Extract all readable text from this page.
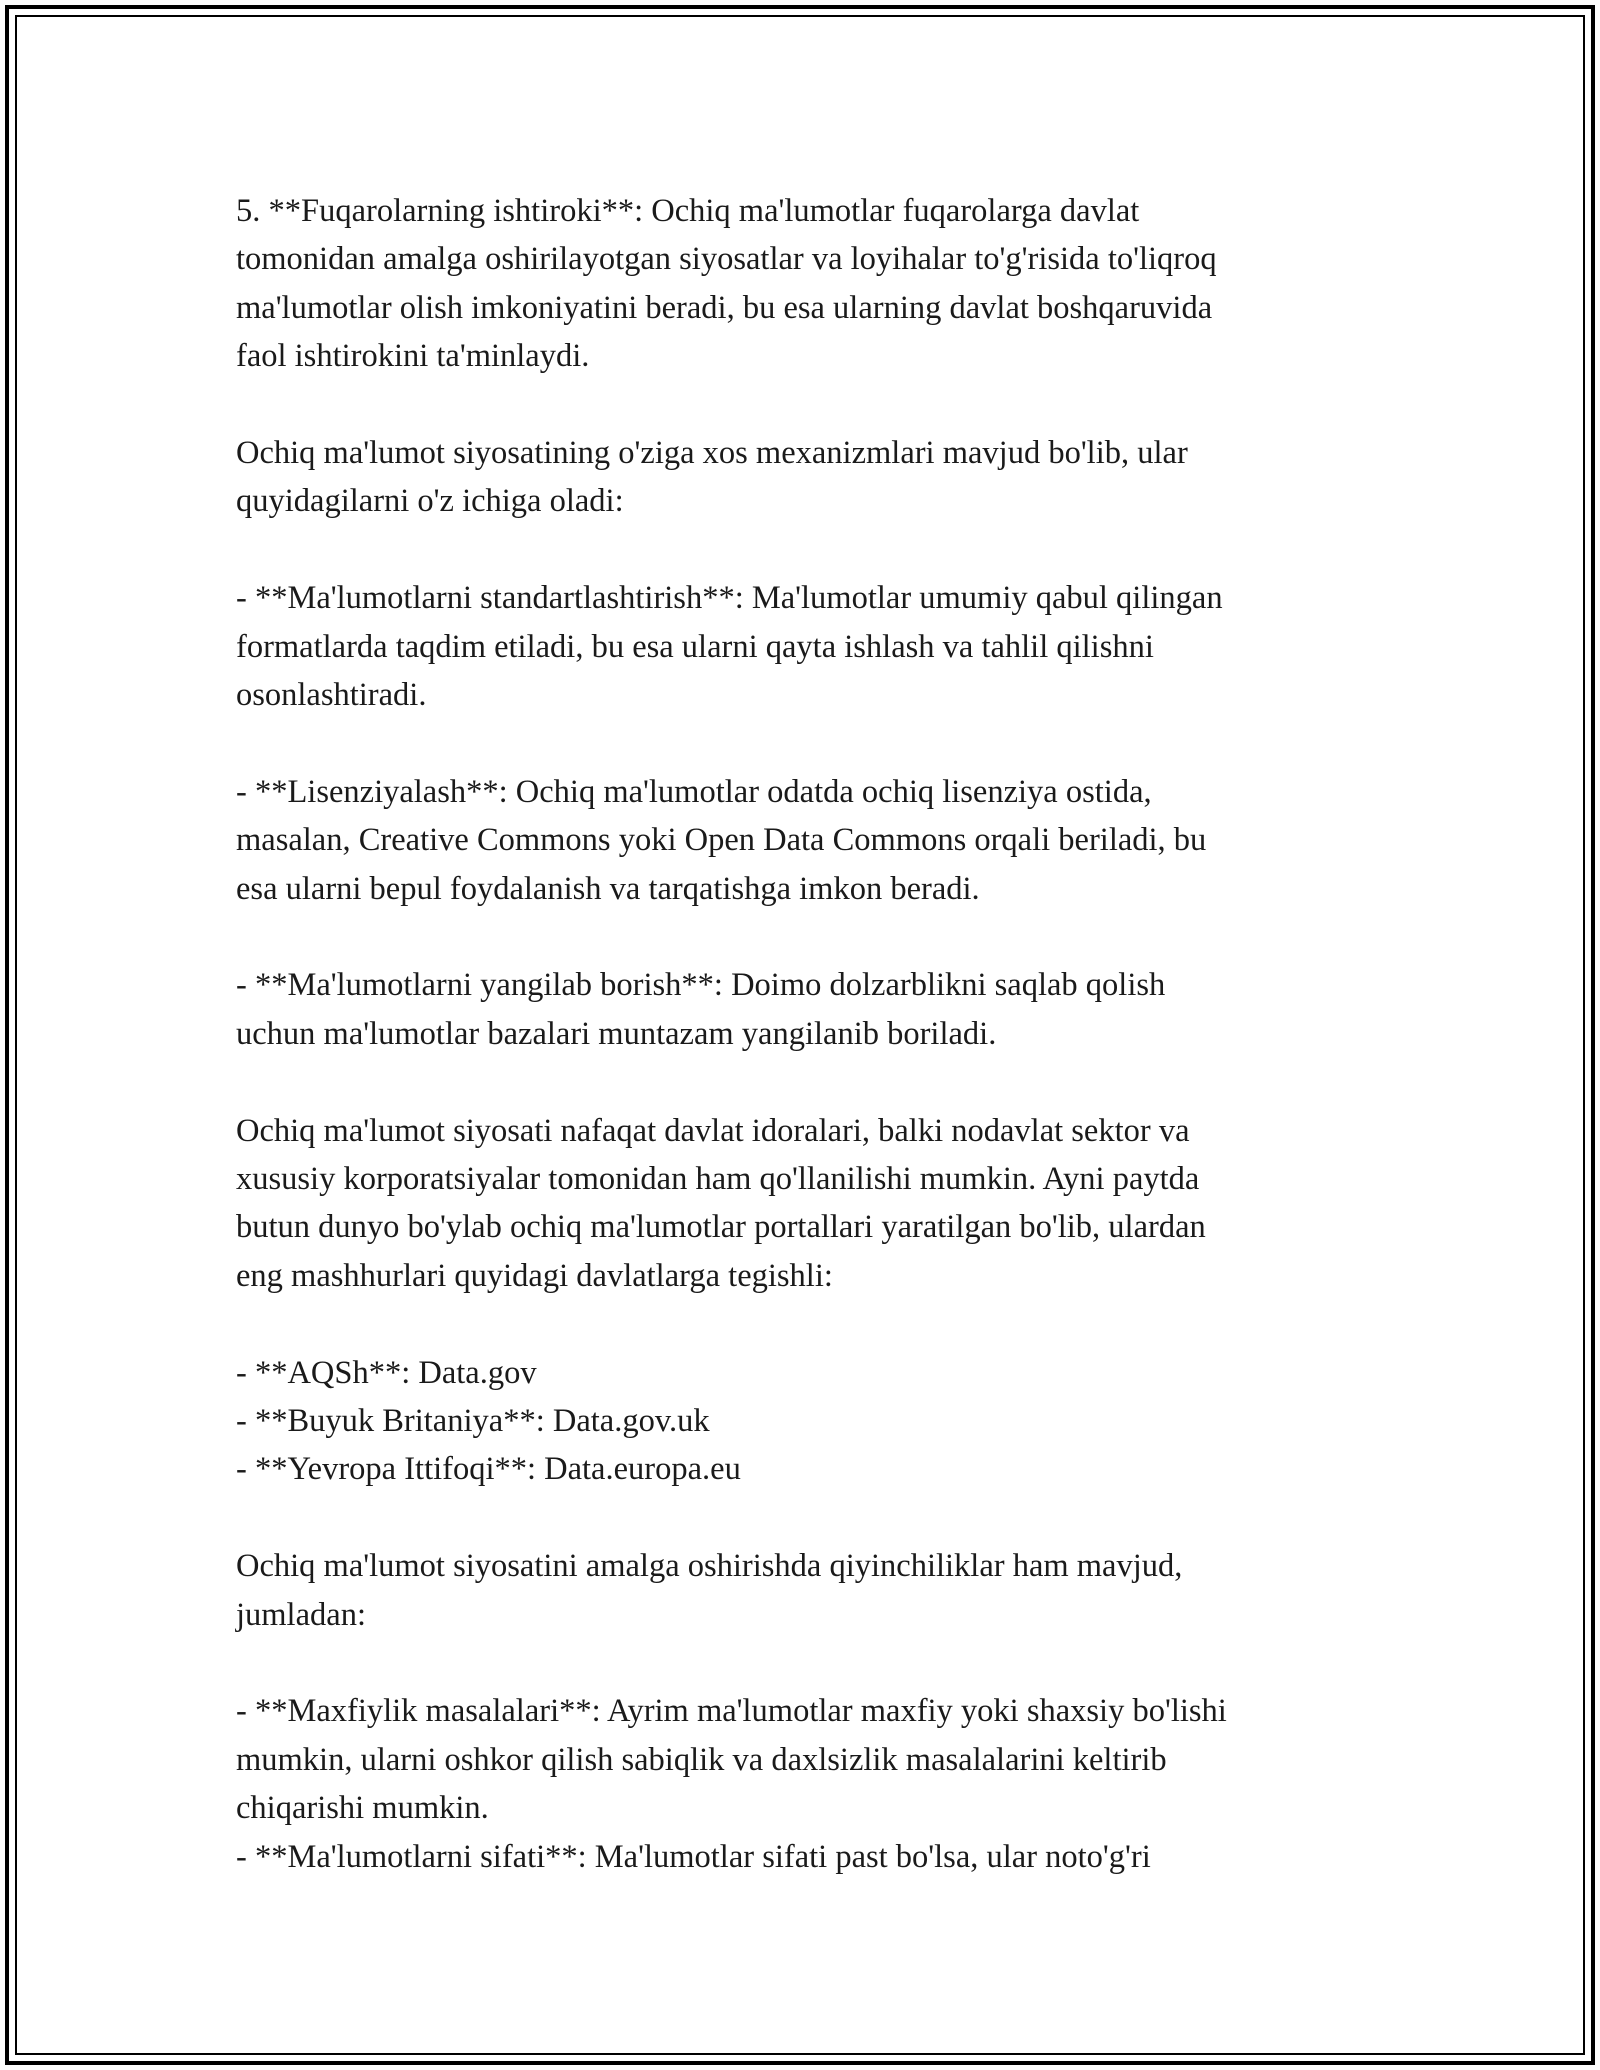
5. **Fuqarolarning ishtiroki**: Ochiq ma'lumotlar fuqarolarga davlat
tomonidan amalga oshirilayotgan siyosatlar va loyihalar to'g'risida to'liqroq
ma'lumotlar olish imkoniyatini beradi, bu esa ularning davlat boshqaruvida
faol ishtirokini ta'minlaydi.

Ochiq ma'lumot siyosatining o'ziga xos mexanizmlari mavjud bo'lib, ular
quyidagilarni o'z ichiga oladi:

- **Ma'lumotlarni standartlashtirish**: Ma'lumotlar umumiy qabul qilingan
formatlarda taqdim etiladi, bu esa ularni qayta ishlash va tahlil qilishni
osonlashtiradi.

- **Lisenziyalash**: Ochiq ma'lumotlar odatda ochiq lisenziya ostida,
masalan, Creative Commons yoki Open Data Commons orqali beriladi, bu
esa ularni bepul foydalanish va tarqatishga imkon beradi.

- **Ma'lumotlarni yangilab borish**: Doimo dolzarblikni saqlab qolish
uchun ma'lumotlar bazalari muntazam yangilanib boriladi.

Ochiq ma'lumot siyosati nafaqat davlat idoralari, balki nodavlat sektor va
xususiy korporatsiyalar tomonidan ham qo'llanilishi mumkin. Ayni paytda
butun dunyo bo'ylab ochiq ma'lumotlar portallari yaratilgan bo'lib, ulardan
eng mashhurlari quyidagi davlatlarga tegishli:

- **AQSh**: Data.gov
- **Buyuk Britaniya**: Data.gov.uk
- **Yevropa Ittifoqi**: Data.europa.eu

Ochiq ma'lumot siyosatini amalga oshirishda qiyinchiliklar ham mavjud,
jumladan:

- **Maxfiylik masalalari**: Ayrim ma'lumotlar maxfiy yoki shaxsiy bo'lishi
mumkin, ularni oshkor qilish sabiqlik va daxlsizlik masalalarini keltirib
chiqarishi mumkin.
- **Ma'lumotlarni sifati**: Ma'lumotlar sifati past bo'lsa, ular noto'g'ri
